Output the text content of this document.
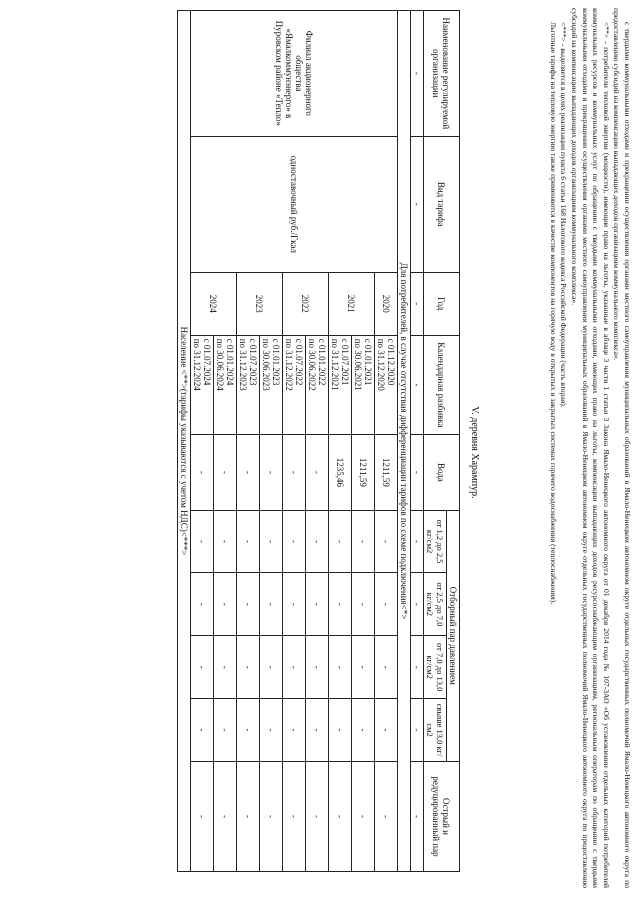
с твердыми коммунальными отходами и прекращении осуществления органами местного самоуправления муниципальных образований в Ямало-Ненецком автономном округе отдельных государственных полномочий Ямало-Ненецкого автономного округа по предоставлению субсидий на компенсацию выпадающих доходов организациям коммунального комплекса».

<**> - потребители тепловой энергии (мощности), имеющие право на льготы, указанные в абзаце 3 части 1 статьи 3 Закона Ямало-Ненецкого автономного округа от 01 декабря 2014 года № 107-ЗАО «Об установлении отдельных категорий потребителей коммунальных ресурсов и коммунальных услуг по обращению с твердыми коммунальными отходами, имеющих право на льготы, компенсации выпадающих доходов ресурсоснабжающим организациям, региональным операторам по обращению с твердыми коммунальными отходами и прекращении осуществления органами местного самоуправления муниципальных образований в Ямало-Ненецком автономном округе отдельных государственных полномочий Ямало-Ненецкого автономного округа по предоставлению субсидий на компенсацию выпадающих доходов организациям коммунального комплекса».

<***> - выделяется в целях реализации пункта 6 статьи 168 Налогового кодекса Российской Федерации (часть вторая).

Льготные тарифы на тепловую энергию также применяются в качестве компонентов на горячую воду в открытых и закрытых системах горячего водоснабжения (теплоснабжения).

V. деревня Харампур.
Наименование регулируемой организации	Вид тарифа	Год	Календарная разбивка	Вода	Отборный пар давлением				Острый и редуцированный пар
					от 1,2 до 2,5 кг/см2	от 2,5 до 7,0 кг/см2	от 7,0 до 13,0 кг/см2	свыше 13,0 кг/см2	
-	-	-	-	-	-	-	-	-	-
Для потребителей, в случае отсутствия дифференциации тарифов по схеме подключения<*>									
Филиал акционерного общества «Ямалкоммунэнерго» в Пуровском районе «Тепло»	одноставочный руб./Гкал	2020	с 01.12.2020
по 31.12.2020	1211,59	-	-	-	-	-
		2021	с 01.01.2021
по 30.06.2021	1211,59	-	-	-	-	-

			с 01.07.2021
по 31.12.2021	1235,46	-	-	-	-	-
		2022	с 01.01.2022
по 30.06.2022	-	-	-	-	-	-

			с 01.07.2022
по 31.12.2022	-	-	-	-	-	-
		2023	с 01.01.2023
по 30.06.2023	-	-	-	-	-	-

			с 01.07.2023
по 31.12.2023	-	-	-	-	-	-
		2024	с 01.01.2024
по 30.06.2024	-	-	-	-	-	-

			с 01.07.2024
по 31.12.2024	-	-	-	-	-	-
Население <**>(тарифы указываются с учетом НДС)<***>									
